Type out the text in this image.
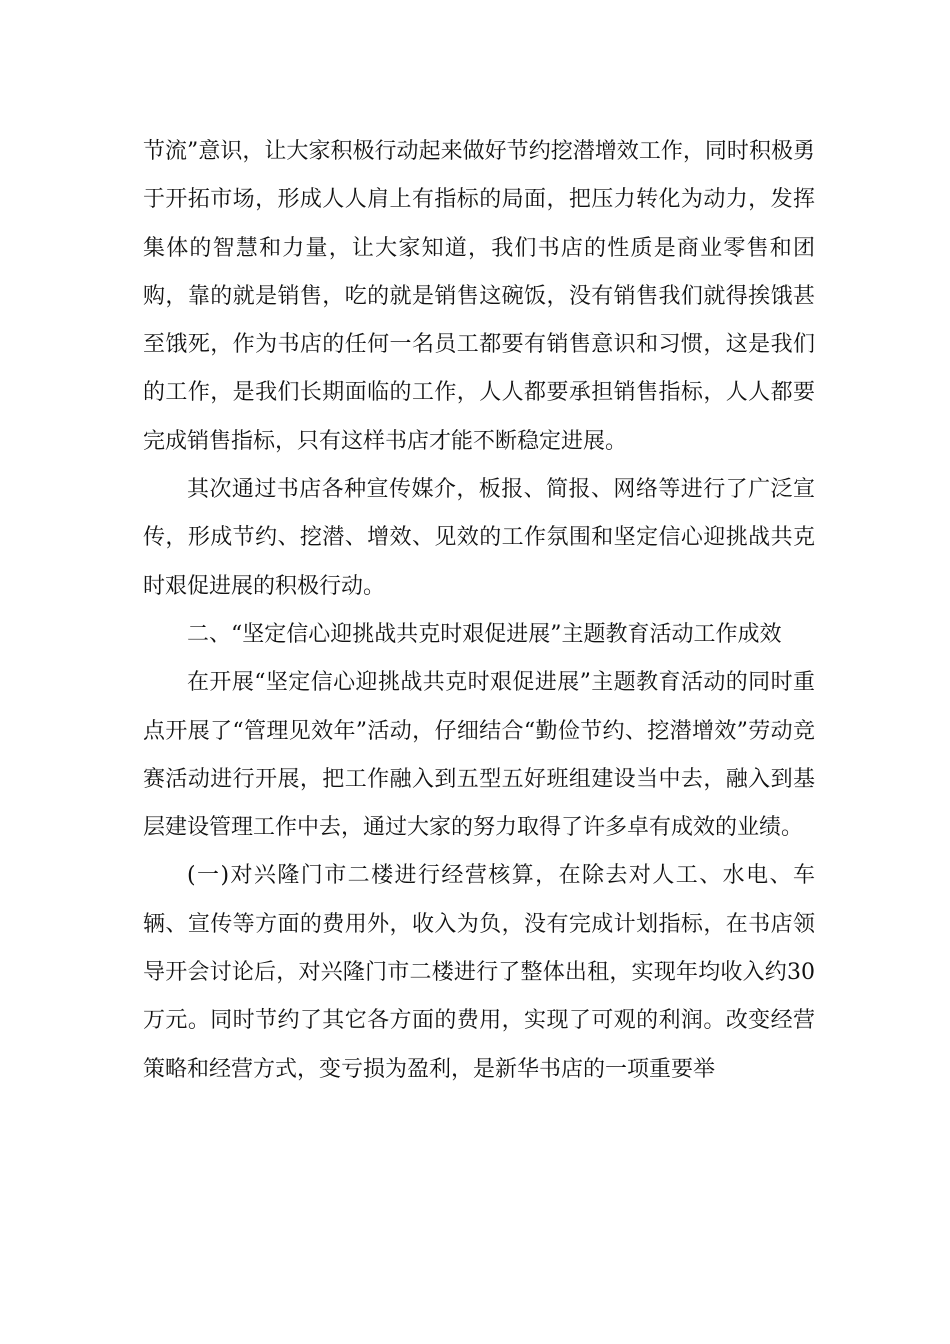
节流”意识，让大家积极行动起来做好节约挖潜增效工作，同时积极勇于开拓市场，形成人人肩上有指标的局面，把压力转化为动力，发挥集体的智慧和力量，让大家知道，我们书店的性质是商业零售和团购，靠的就是销售，吃的就是销售这碗饭，没有销售我们就得挨饿甚至饿死，作为书店的任何一名员工都要有销售意识和习惯，这是我们的工作，是我们长期面临的工作，人人都要承担销售指标，人人都要完成销售指标，只有这样书店才能不断稳定进展。

其次通过书店各种宣传媒介，板报、简报、网络等进行了广泛宣传，形成节约、挖潜、增效、见效的工作氛围和坚定信心迎挑战共克时艰促进展的积极行动。

二、“坚定信心迎挑战共克时艰促进展”主题教育活动工作成效

在开展“坚定信心迎挑战共克时艰促进展”主题教育活动的同时重点开展了“管理见效年”活动，仔细结合“勤俭节约、挖潜增效”劳动竞赛活动进行开展，把工作融入到五型五好班组建设当中去，融入到基层建设管理工作中去，通过大家的努力取得了许多卓有成效的业绩。

(一)对兴隆门市二楼进行经营核算，在除去对人工、水电、车辆、宣传等方面的费用外，收入为负，没有完成计划指标，在书店领导开会讨论后，对兴隆门市二楼进行了整体出租，实现年均收入约30万元。同时节约了其它各方面的费用，实现了可观的利润。改变经营策略和经营方式，变亏损为盈利，是新华书店的一项重要举
